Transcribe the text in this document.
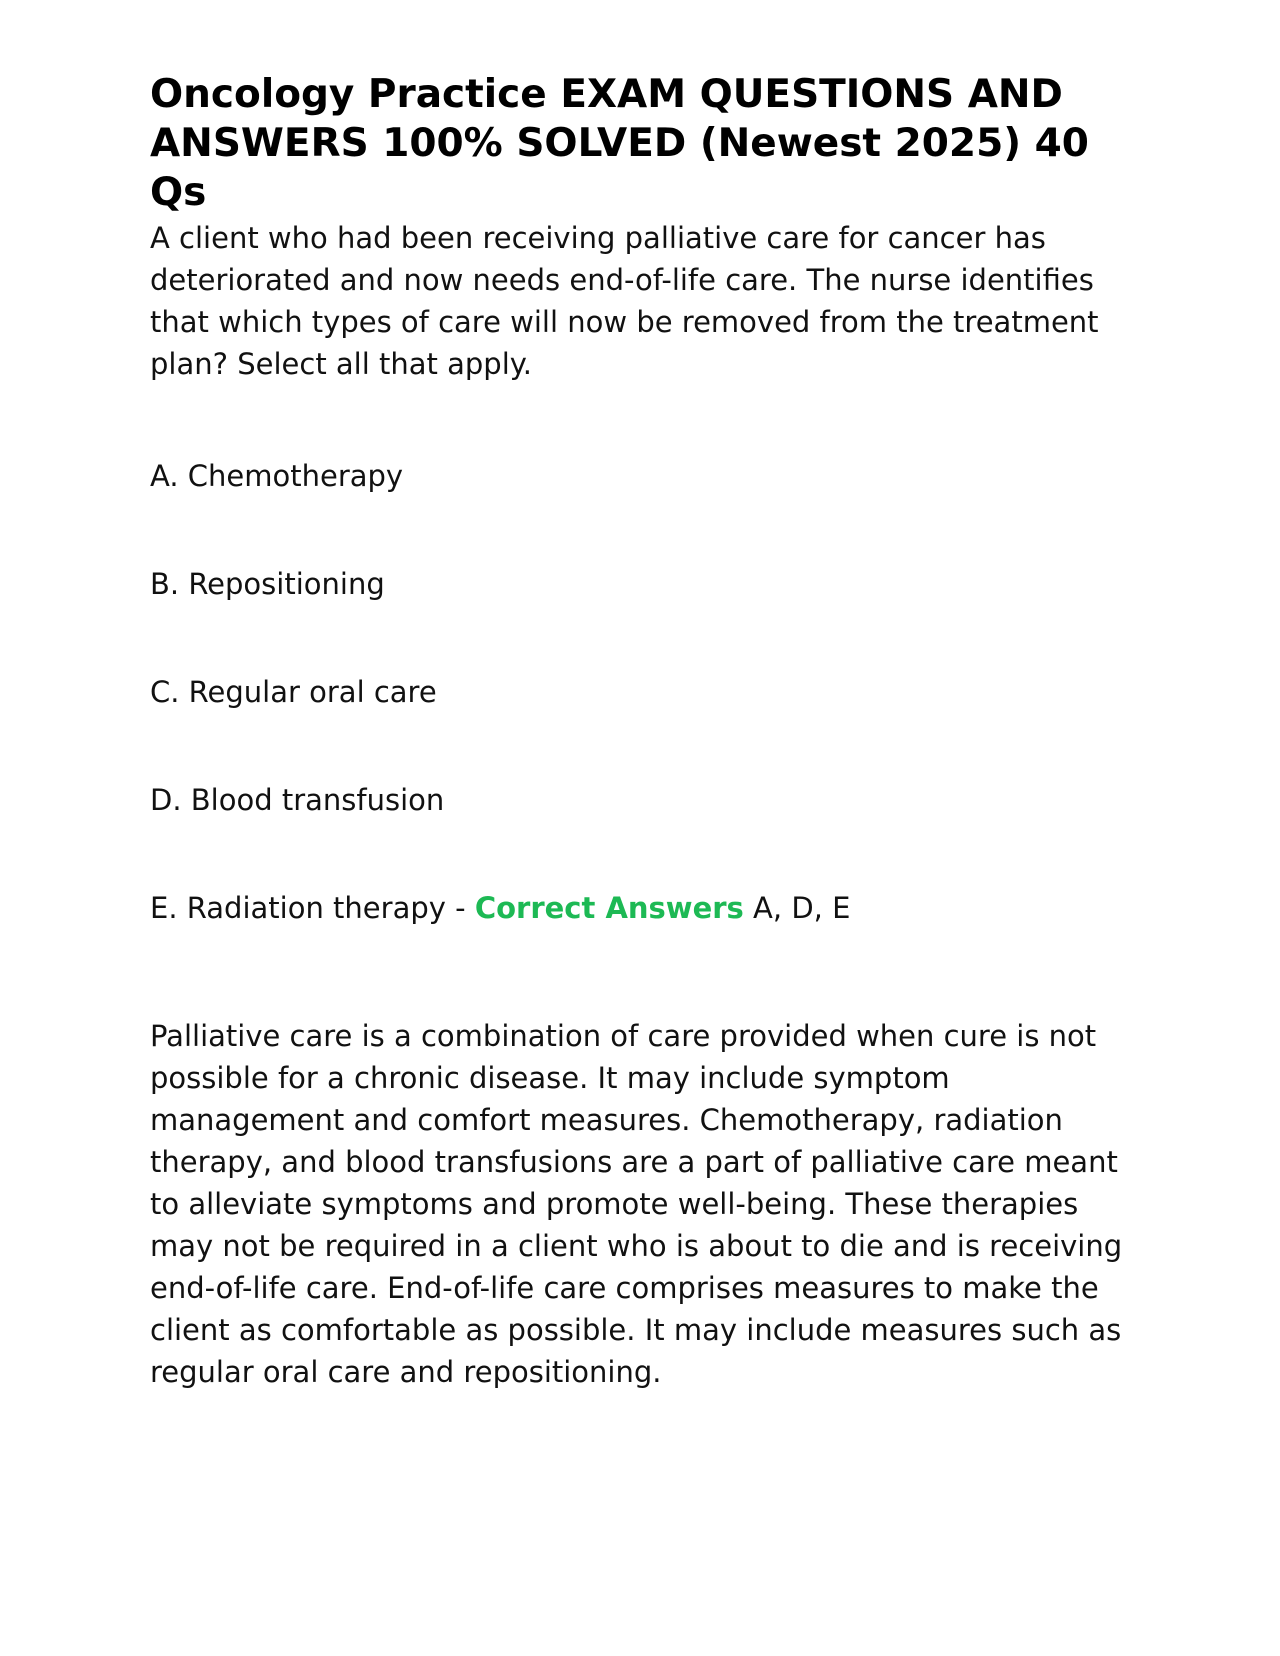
Oncology Practice EXAM QUESTIONS AND ANSWERS 100% SOLVED (Newest 2025) 40 Qs

A client who had been receiving palliative care for cancer has deteriorated and now needs end-of-life care. The nurse identifies that which types of care will now be removed from the treatment plan? Select all that apply.

A. Chemotherapy

B. Repositioning

C. Regular oral care

D. Blood transfusion

E. Radiation therapy - Correct Answers A, D, E

Palliative care is a combination of care provided when cure is not possible for a chronic disease. It may include symptom management and comfort measures. Chemotherapy, radiation therapy, and blood transfusions are a part of palliative care meant to alleviate symptoms and promote well-being. These therapies may not be required in a client who is about to die and is receiving end-of-life care. End-of-life care comprises measures to make the client as comfortable as possible. It may include measures such as regular oral care and repositioning.
